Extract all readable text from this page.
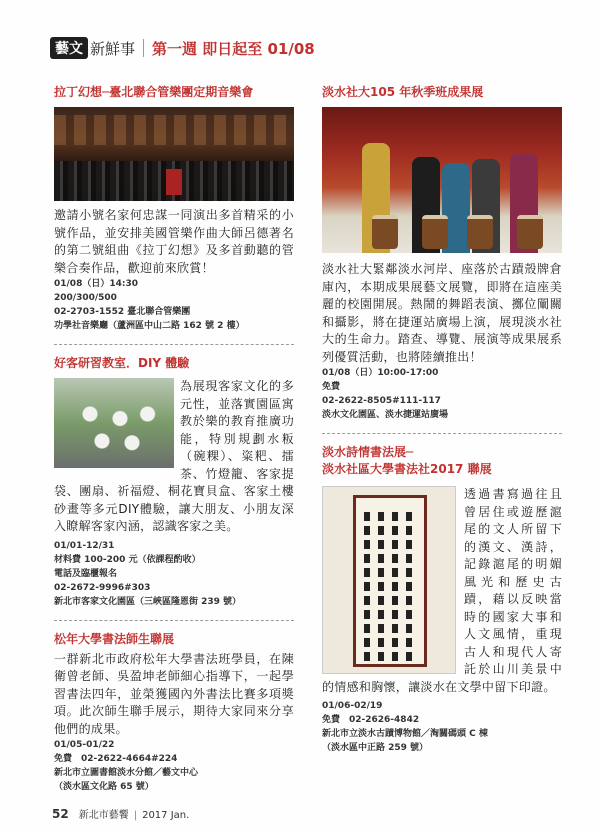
藝文 新鮮事 第一週 即日起至 01/08
拉丁幻想─臺北聯合管樂團定期音樂會

邀請小號名家何忠謀一同演出多首精采的小號作品，並安排美國管樂作曲大師呂德著名的第二號組曲《拉丁幻想》及多首動聽的管樂合奏作品，歡迎前來欣賞！

01/08（日）14:30
200/300/500
02-2703-1552 臺北聯合管樂團
功學社音樂廳（蘆洲區中山二路 162 號 2 樓）
好客研習教室．DIY 體驗

為展現客家文化的多元性，並落實園區寓教於樂的教育推廣功能，特別規劃水粄（碗粿）、粢粑、擂茶、竹燈籠、客家提袋、團扇、祈福燈、桐花寶貝盒、客家土樓砂畫等多元DIY體驗，讓大朋友、小朋友深入瞭解客家內涵，認識客家之美。

01/01-12/31
材料費 100-200 元（依課程酌收）
電話及臨櫃報名
02-2672-9996#303
新北市客家文化園區（三峽區隆恩街 239 號）
松年大學書法師生聯展

一群新北市政府松年大學書法班學員，在陳衛曾老師、吳盈坤老師細心指導下，一起學習書法四年，並榮獲國內外書法比賽多項獎項。此次師生聯手展示，期待大家同來分享他們的成果。

01/05-01/22
免費　02-2622-4664#224
新北市立圖書館淡水分館／藝文中心
（淡水區文化路 65 號）
淡水社大105 年秋季班成果展

淡水社大緊鄰淡水河岸、座落於古蹟殼牌倉庫內，本期成果展藝文展覽，即將在這座美麗的校園開展。熱鬧的舞蹈表演、擲位闡關和攝影，將在捷運站廣場上演，展現淡水社大的生命力。踏查、導覽、展演等成果展系列優質活動，也將陸續推出！

01/08（日）10:00-17:00
免費
02-2622-8505#111-117
淡水文化園區、淡水捷運站廣場
淡水詩情書法展─
淡水社區大學書法社2017 聯展

透過書寫過往且曾居住或遊歷滬尾的文人所留下的漢文、漢詩，記錄滬尾的明媚風光和歷史古蹟，藉以反映當時的國家大事和人文風情，重現古人和現代人寄託於山川美景中的情感和胸懷，讓淡水在文學中留下印證。

01/06-02/19
免費　02-2626-4842
新北市立淡水古蹟博物館／淘關碼頭 C 棟
（淡水區中正路 259 號）
52 新北市藝饗 | 2017 Jan.
